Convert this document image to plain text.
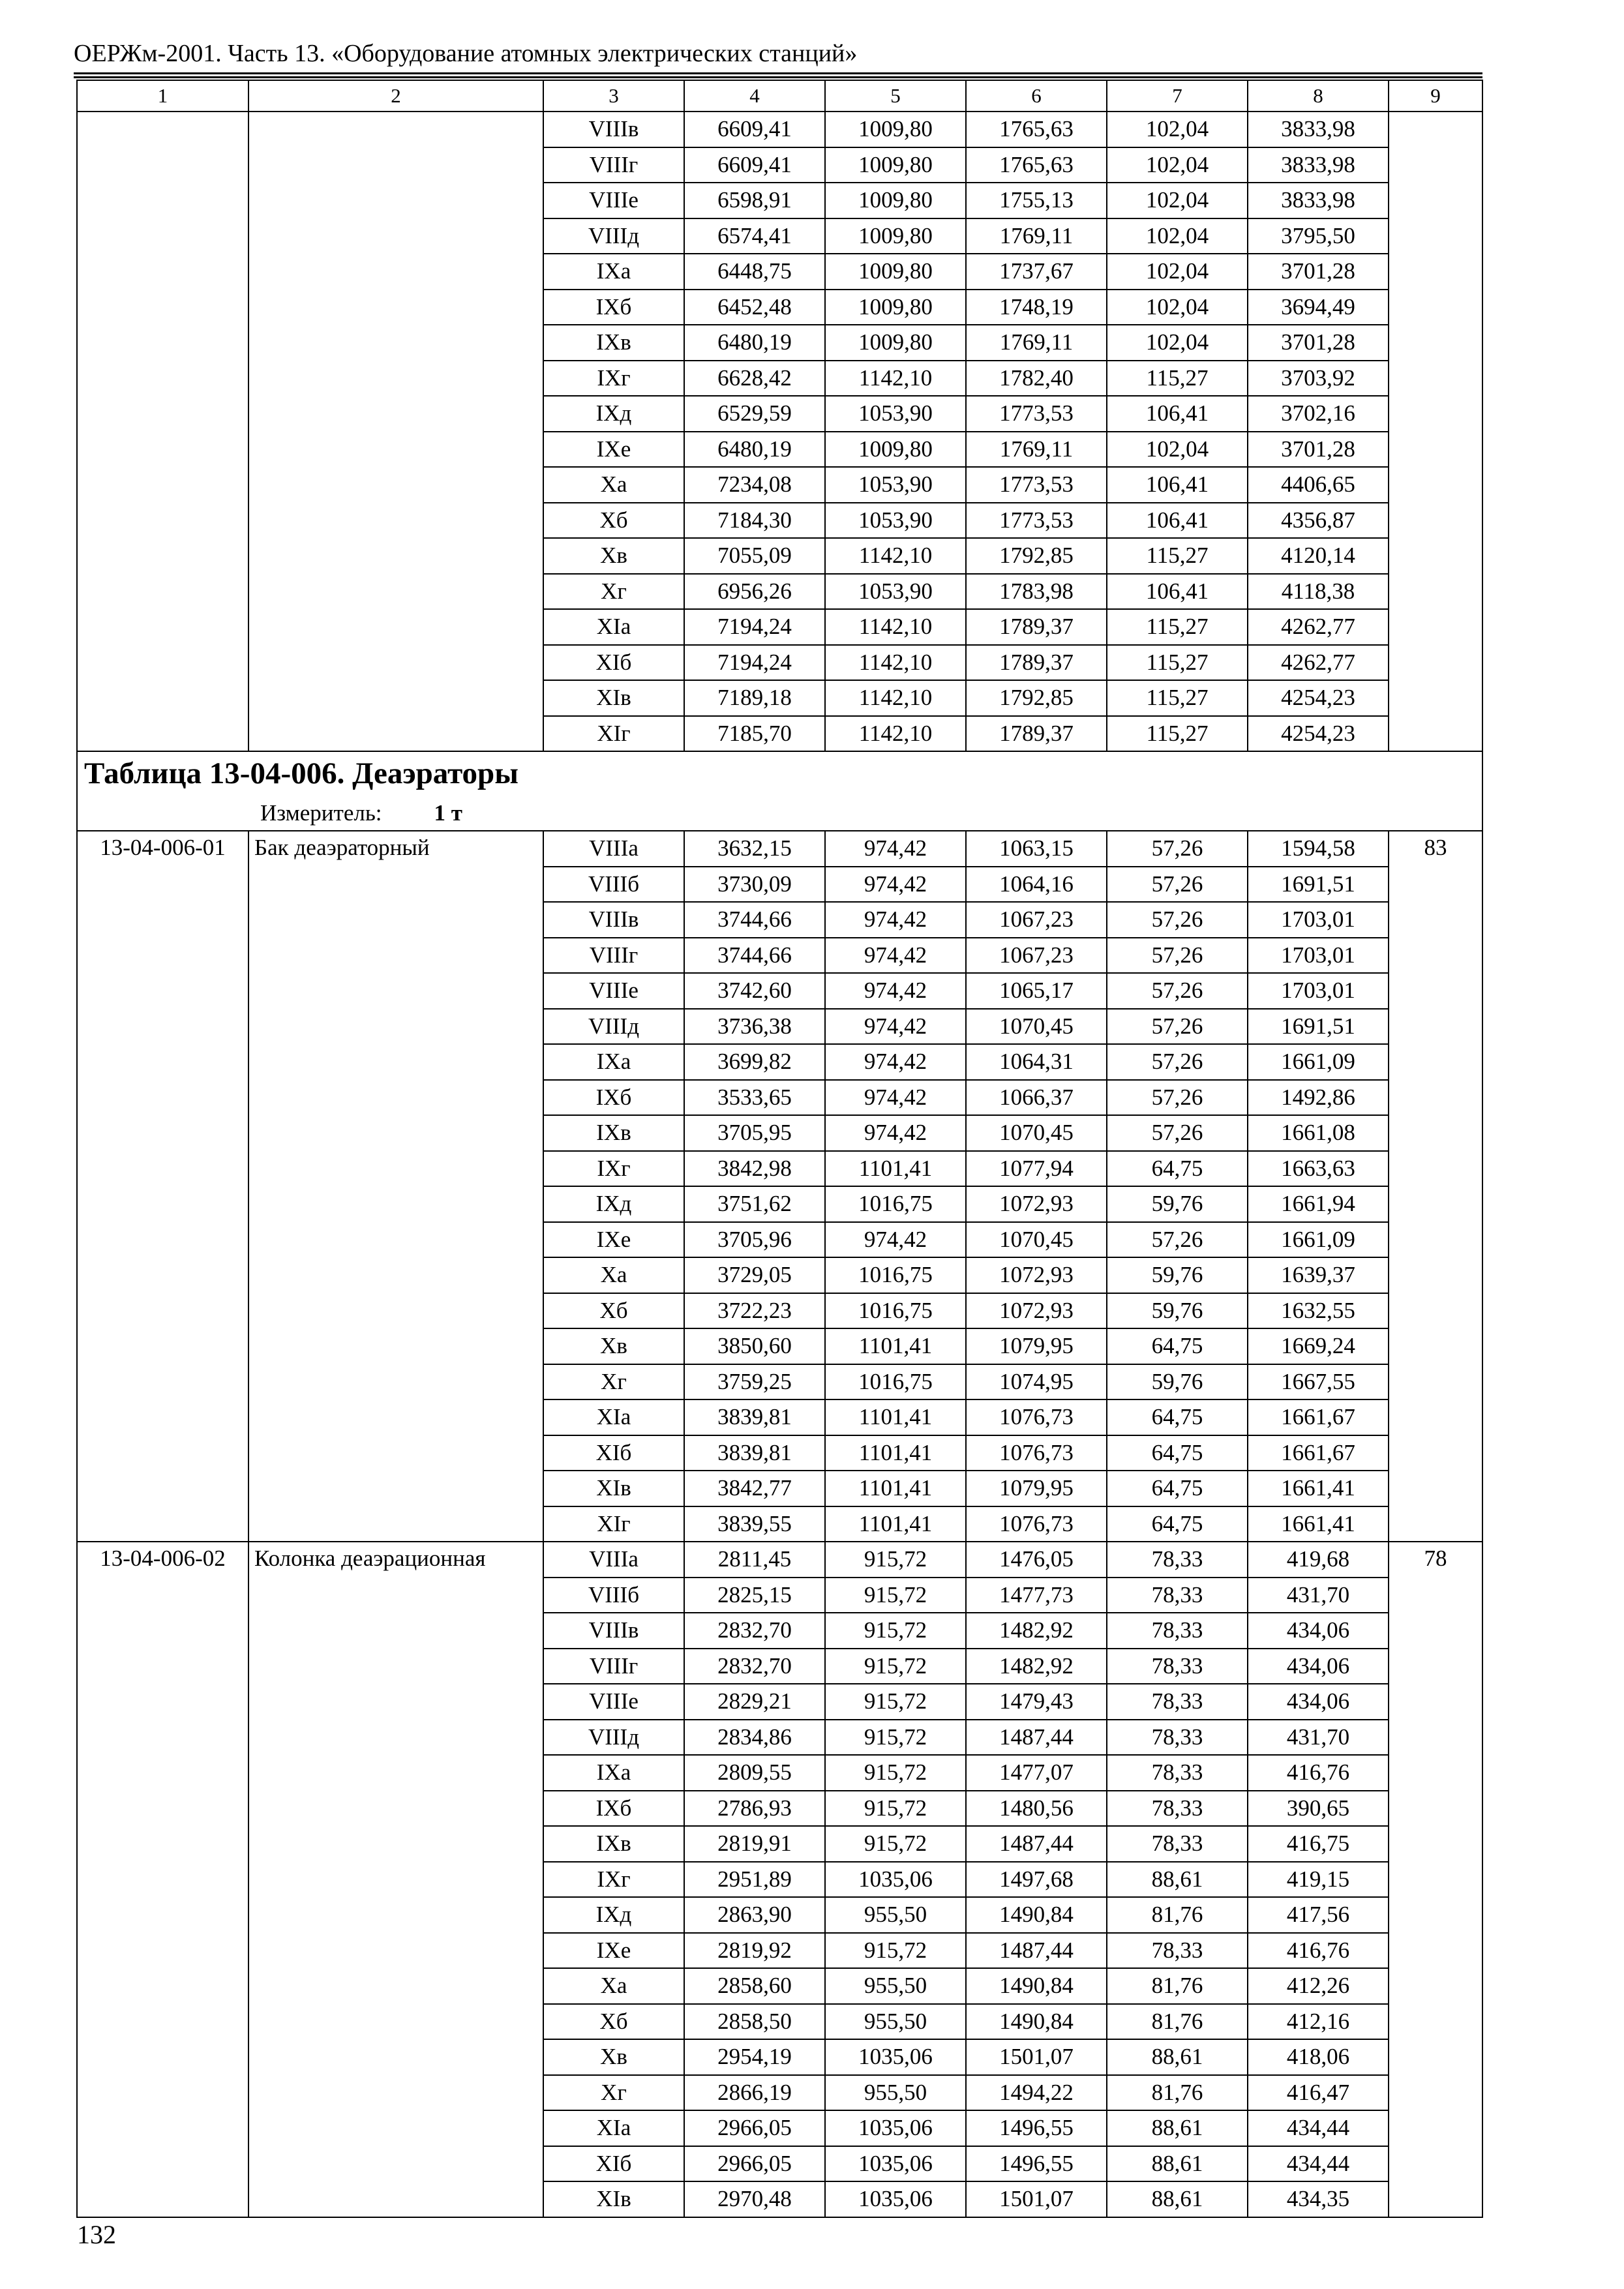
ОЕРЖм-2001. Часть 13. «Оборудование атомных электрических станций»
1	2	3	4	5	6	7	8	9
		VIIIв	6609,41	1009,80	1765,63	102,04	3833,98	
		VIIIг	6609,41	1009,80	1765,63	102,04	3833,98	
		VIIIе	6598,91	1009,80	1755,13	102,04	3833,98	
		VIIIд	6574,41	1009,80	1769,11	102,04	3795,50	
		IXа	6448,75	1009,80	1737,67	102,04	3701,28	
		IXб	6452,48	1009,80	1748,19	102,04	3694,49	
		IXв	6480,19	1009,80	1769,11	102,04	3701,28	
		IXг	6628,42	1142,10	1782,40	115,27	3703,92	
		IXд	6529,59	1053,90	1773,53	106,41	3702,16	
		IXе	6480,19	1009,80	1769,11	102,04	3701,28	
		Xа	7234,08	1053,90	1773,53	106,41	4406,65	
		Xб	7184,30	1053,90	1773,53	106,41	4356,87	
		Xв	7055,09	1142,10	1792,85	115,27	4120,14	
		Xг	6956,26	1053,90	1783,98	106,41	4118,38	
		XIа	7194,24	1142,10	1789,37	115,27	4262,77	
		XIб	7194,24	1142,10	1789,37	115,27	4262,77	
		XIв	7189,18	1142,10	1792,85	115,27	4254,23	
		XIг	7185,70	1142,10	1789,37	115,27	4254,23	

Таблица 13-04-006. Деаэраторы
Измеритель: 1 т								

13-04-006-01	Бак деаэраторный	VIIIа	3632,15	974,42	1063,15	57,26	1594,58	83
		VIIIб	3730,09	974,42	1064,16	57,26	1691,51	
		VIIIв	3744,66	974,42	1067,23	57,26	1703,01	
		VIIIг	3744,66	974,42	1067,23	57,26	1703,01	
		VIIIе	3742,60	974,42	1065,17	57,26	1703,01	
		VIIIд	3736,38	974,42	1070,45	57,26	1691,51	
		IXа	3699,82	974,42	1064,31	57,26	1661,09	
		IXб	3533,65	974,42	1066,37	57,26	1492,86	
		IXв	3705,95	974,42	1070,45	57,26	1661,08	
		IXг	3842,98	1101,41	1077,94	64,75	1663,63	
		IXд	3751,62	1016,75	1072,93	59,76	1661,94	
		IXе	3705,96	974,42	1070,45	57,26	1661,09	
		Xа	3729,05	1016,75	1072,93	59,76	1639,37	
		Xб	3722,23	1016,75	1072,93	59,76	1632,55	
		Xв	3850,60	1101,41	1079,95	64,75	1669,24	
		Xг	3759,25	1016,75	1074,95	59,76	1667,55	
		XIа	3839,81	1101,41	1076,73	64,75	1661,67	
		XIб	3839,81	1101,41	1076,73	64,75	1661,67	
		XIв	3842,77	1101,41	1079,95	64,75	1661,41	
		XIг	3839,55	1101,41	1076,73	64,75	1661,41	
13-04-006-02	Колонка деаэрационная	VIIIа	2811,45	915,72	1476,05	78,33	419,68	78
		VIIIб	2825,15	915,72	1477,73	78,33	431,70	
		VIIIв	2832,70	915,72	1482,92	78,33	434,06	
		VIIIг	2832,70	915,72	1482,92	78,33	434,06	
		VIIIе	2829,21	915,72	1479,43	78,33	434,06	
		VIIIд	2834,86	915,72	1487,44	78,33	431,70	
		IXа	2809,55	915,72	1477,07	78,33	416,76	
		IXб	2786,93	915,72	1480,56	78,33	390,65	
		IXв	2819,91	915,72	1487,44	78,33	416,75	
		IXг	2951,89	1035,06	1497,68	88,61	419,15	
		IXд	2863,90	955,50	1490,84	81,76	417,56	
		IXе	2819,92	915,72	1487,44	78,33	416,76	
		Xа	2858,60	955,50	1490,84	81,76	412,26	
		Xб	2858,50	955,50	1490,84	81,76	412,16	
		Xв	2954,19	1035,06	1501,07	88,61	418,06	
		Xг	2866,19	955,50	1494,22	81,76	416,47	
		XIа	2966,05	1035,06	1496,55	88,61	434,44	
		XIб	2966,05	1035,06	1496,55	88,61	434,44	
		XIв	2970,48	1035,06	1501,07	88,61	434,35	
132
